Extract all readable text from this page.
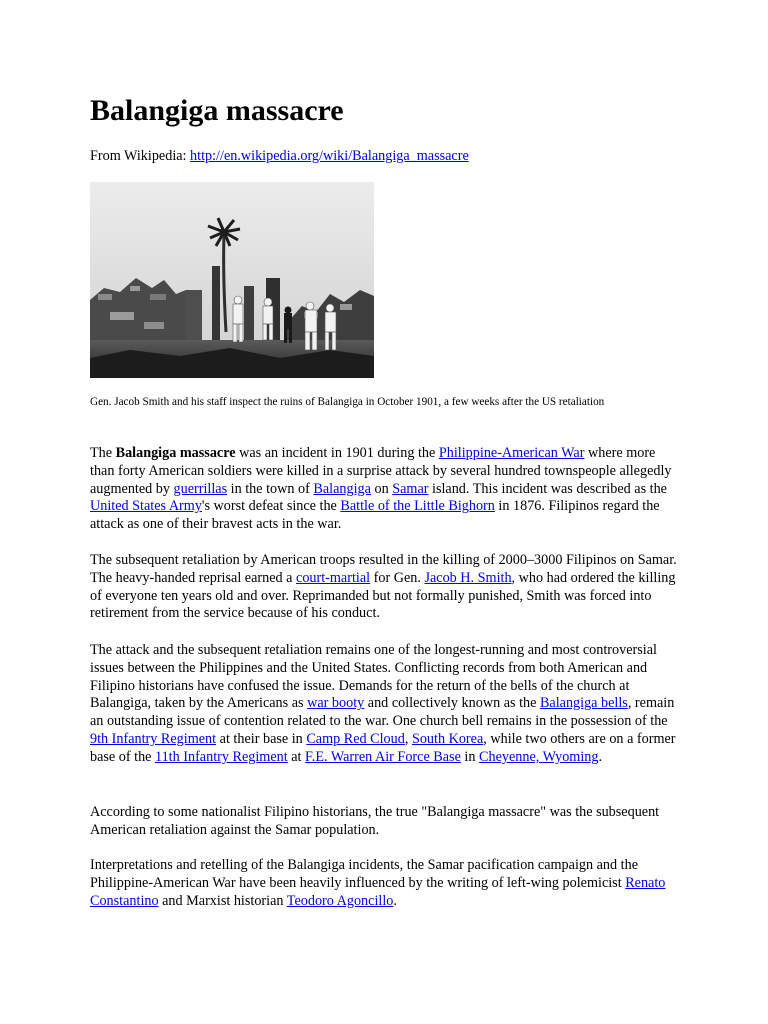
Balangiga massacre

From Wikipedia: http://en.wikipedia.org/wiki/Balangiga_massacre

Gen. Jacob Smith and his staff inspect the ruins of Balangiga in October 1901, a few weeks after the US retaliation

The Balangiga massacre was an incident in 1901 during the Philippine-American War where more than forty American soldiers were killed in a surprise attack by several hundred townspeople allegedly augmented by guerrillas in the town of Balangiga on Samar island. This incident was described as the United States Army's worst defeat since the Battle of the Little Bighorn in 1876. Filipinos regard the attack as one of their bravest acts in the war.

The subsequent retaliation by American troops resulted in the killing of 2000–3000 Filipinos on Samar. The heavy-handed reprisal earned a court-martial for Gen. Jacob H. Smith, who had ordered the killing of everyone ten years old and over. Reprimanded but not formally punished, Smith was forced into retirement from the service because of his conduct.

The attack and the subsequent retaliation remains one of the longest-running and most controversial issues between the Philippines and the United States. Conflicting records from both American and Filipino historians have confused the issue. Demands for the return of the bells of the church at Balangiga, taken by the Americans as war booty and collectively known as the Balangiga bells, remain an outstanding issue of contention related to the war. One church bell remains in the possession of the 9th Infantry Regiment at their base in Camp Red Cloud, South Korea, while two others are on a former base of the 11th Infantry Regiment at F.E. Warren Air Force Base in Cheyenne, Wyoming.

According to some nationalist Filipino historians, the true "Balangiga massacre" was the subsequent American retaliation against the Samar population.

Interpretations and retelling of the Balangiga incidents, the Samar pacification campaign and the Philippine-American War have been heavily influenced by the writing of left-wing polemicist Renato Constantino and Marxist historian Teodoro Agoncillo.
